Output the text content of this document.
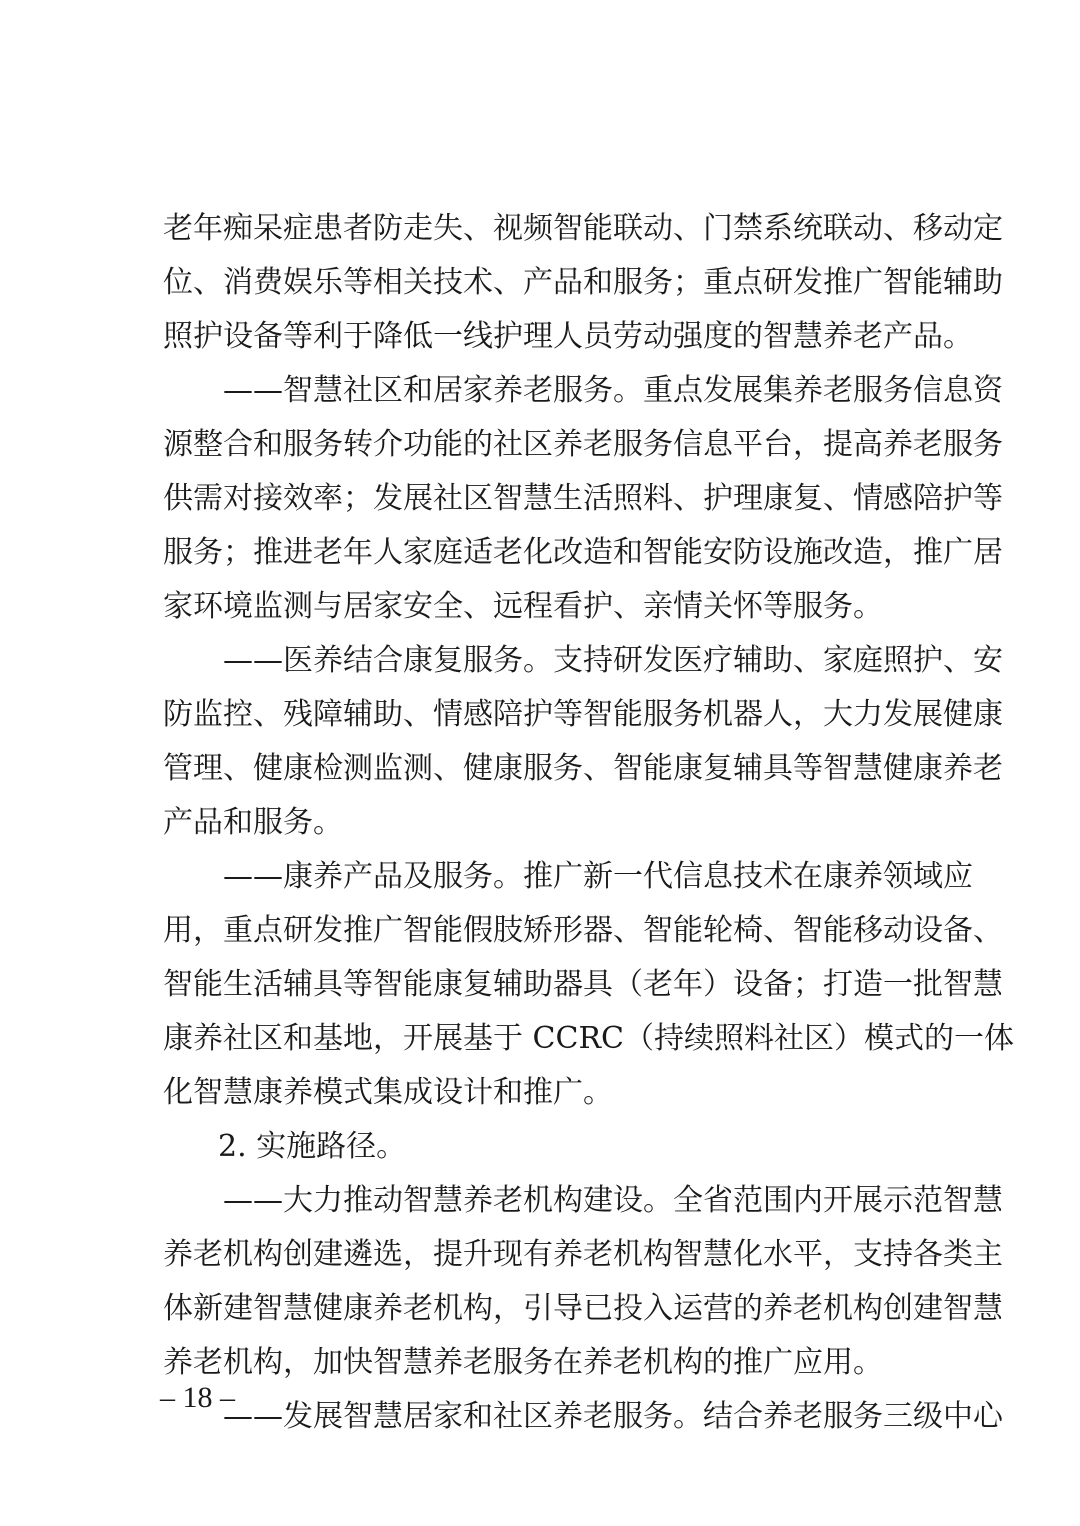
老年痴呆症患者防走失、视频智能联动、门禁系统联动、移动定
位、消费娱乐等相关技术、产品和服务；重点研发推广智能辅助
照护设备等利于降低一线护理人员劳动强度的智慧养老产品。
——智慧社区和居家养老服务。重点发展集养老服务信息资
源整合和服务转介功能的社区养老服务信息平台，提高养老服务
供需对接效率；发展社区智慧生活照料、护理康复、情感陪护等
服务；推进老年人家庭适老化改造和智能安防设施改造，推广居
家环境监测与居家安全、远程看护、亲情关怀等服务。
——医养结合康复服务。支持研发医疗辅助、家庭照护、安
防监控、残障辅助、情感陪护等智能服务机器人，大力发展健康
管理、健康检测监测、健康服务、智能康复辅具等智慧健康养老
产品和服务。
——康养产品及服务。推广新一代信息技术在康养领域应
用，重点研发推广智能假肢矫形器、智能轮椅、智能移动设备、
智能生活辅具等智能康复辅助器具（老年）设备；打造一批智慧
康养社区和基地，开展基于 CCRC（持续照料社区）模式的一体
化智慧康养模式集成设计和推广。
2. 实施路径。
——大力推动智慧养老机构建设。全省范围内开展示范智慧
养老机构创建遴选，提升现有养老机构智慧化水平，支持各类主
体新建智慧健康养老机构，引导已投入运营的养老机构创建智慧
养老机构，加快智慧养老服务在养老机构的推广应用。
——发展智慧居家和社区养老服务。结合养老服务三级中心
– 18 –
